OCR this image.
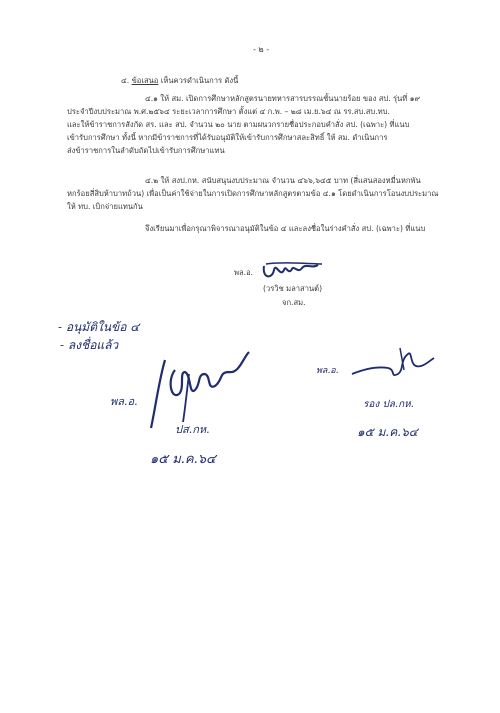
- ๒ -
๔. ข้อเสนอ เห็นควรดำเนินการ ดังนี้
๔.๑ ให้ สม. เปิดการศึกษาหลักสูตรนายทหารสารบรรณชั้นนายร้อย ของ สป. รุ่นที่ ๑๙
ประจำปีงบประมาณ พ.ศ.๒๕๖๔ ระยะเวลาการศึกษา ตั้งแต่ ๔ ก.พ. – ๒๘ เม.ย.๖๔ ณ รร.สบ.สบ.ทบ.
และให้ข้าราชการสังกัด สร. และ สป. จำนวน ๒๐ นาย ตามผนวกรายชื่อประกอบคำสั่ง สป. (เฉพาะ) ที่แนบ
เข้ารับการศึกษา ทั้งนี้ หากมีข้าราชการที่ได้รับอนุมัติให้เข้ารับการศึกษาสละสิทธิ์ ให้ สม. ดำเนินการ
ส่งข้าราชการในลำดับถัดไปเข้ารับการศึกษาแทน
๔.๒ ให้ สงป.กห. สนับสนุนงบประมาณ จำนวน ๔๖๖,๖๔๕ บาท (สี่แสนสองหมื่นหกพัน
หกร้อยสี่สิบห้าบาทถ้วน) เพื่อเป็นค่าใช้จ่ายในการเปิดการศึกษาหลักสูตรตามข้อ ๔.๑ โดยดำเนินการโอนงบประมาณ
ให้ ทบ. เบิกจ่ายแทนกัน
จึงเรียนมาเพื่อกรุณาพิจารณาอนุมัติในข้อ ๔ และลงชื่อในร่างคำสั่ง สป. (เฉพาะ) ที่แนบ
พล.อ.
(วรวิช มลาสานต์)
จก.สม.
- อนุมัติในข้อ ๔
- ลงชื่อแล้ว
พล.อ.
ปส.กห.
๑๕ ม.ค.๖๔
พล.อ.
รอง ปล.กห.
๑๕ ม.ค.๖๔
